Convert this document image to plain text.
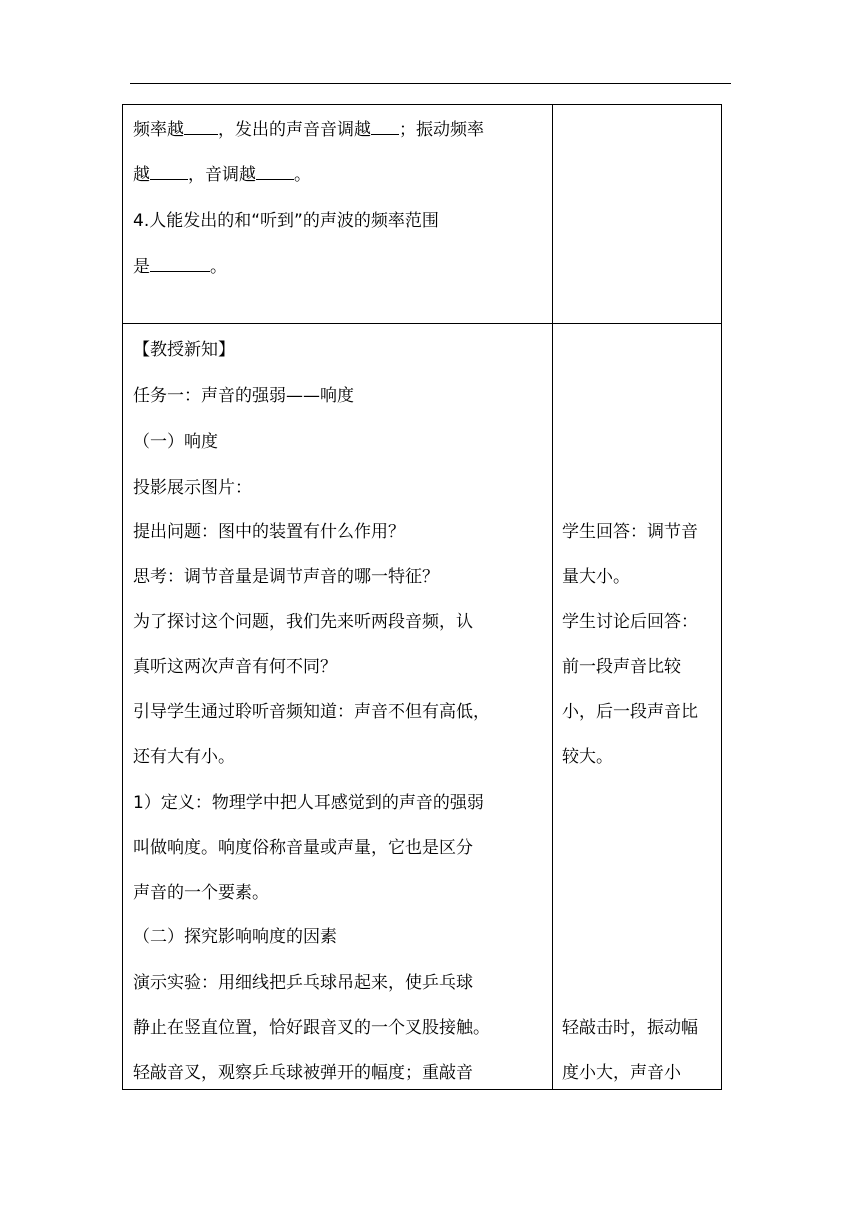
频率越 ，发出的声音音调越 ；振动频率
越 ，音调越 。
4.人能发出的和“听到”的声波的频率范围
是	。
【教授新知】
任务一：声音的强弱——响度
（一）响度
投影展示图片：
提出问题：图中的装置有什么作用？
思考：调节音量是调节声音的哪一特征？
为了探讨这个问题，我们先来听两段音频，认
真听这两次声音有何不同？
引导学生通过聆听音频知道：声音不但有高低，
还有大有小。
1）定义：物理学中把人耳感觉到的声音的强弱
叫做响度。响度俗称音量或声量，它也是区分
声音的一个要素。
（二）探究影响响度的因素
演示实验：用细线把乒乓球吊起来，使乒乓球
静止在竖直位置，恰好跟音叉的一个叉股接触。
轻敲音叉，观察乒乓球被弹开的幅度；重敲音
学生回答：调节音
量大小。
学生讨论后回答：
前一段声音比较
小，后一段声音比
较大。
轻敲击时，振动幅
度小大，声音小
